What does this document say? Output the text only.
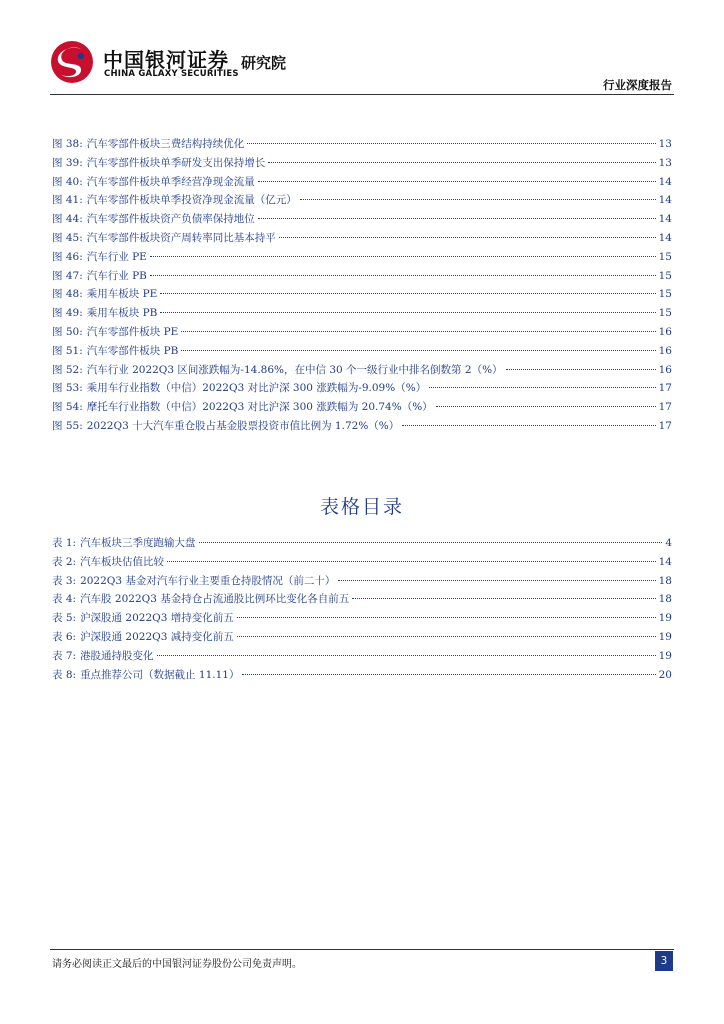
中国银河证券
CHINA GALAXY SECURITIES
研究院
行业深度报告
图 38: 汽车零部件板块三费结构持续优化	13
图 39: 汽车零部件板块单季研发支出保持增长	13
图 40: 汽车零部件板块单季经营净现金流量	14
图 41: 汽车零部件板块单季投资净现金流量（亿元）	14
图 44: 汽车零部件板块资产负债率保持地位	14
图 45: 汽车零部件板块资产周转率同比基本持平	14
图 46: 汽车行业 PE	15
图 47: 汽车行业 PB	15
图 48: 乘用车板块 PE	15
图 49: 乘用车板块 PB	15
图 50: 汽车零部件板块 PE	16
图 51: 汽车零部件板块 PB	16
图 52: 汽车行业 2022Q3 区间涨跌幅为-14.86%，在中信 30 个一级行业中排名倒数第 2（%）	16
图 53: 乘用车行业指数（中信）2022Q3 对比沪深 300 涨跌幅为-9.09%（%）	17
图 54: 摩托车行业指数（中信）2022Q3 对比沪深 300 涨跌幅为 20.74%（%）	17
图 55: 2022Q3 十大汽车重仓股占基金股票投资市值比例为 1.72%（%）	17
表格目录
表 1: 汽车板块三季度跑输大盘	4
表 2: 汽车板块估值比较	14
表 3: 2022Q3 基金对汽车行业主要重仓持股情况（前二十）	18
表 4: 汽车股 2022Q3 基金持仓占流通股比例环比变化各自前五	18
表 5: 沪深股通 2022Q3 增持变化前五	19
表 6: 沪深股通 2022Q3 减持变化前五	19
表 7: 港股通持股变化	19
表 8: 重点推荐公司（数据截止 11.11）	20
请务必阅读正文最后的中国银河证券股份公司免责声明。	3
